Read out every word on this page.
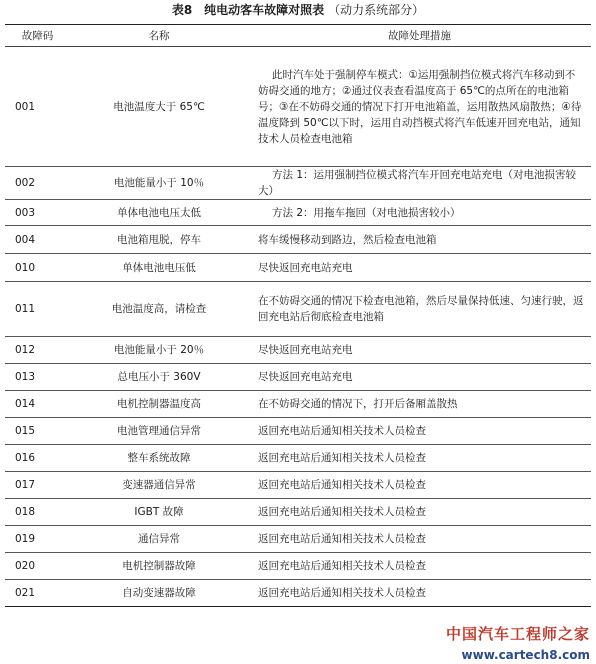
表8　纯电动客车故障对照表 （动力系统部分）
故障码	名称	故障处理措施
001	电池温度大于 65℃	此时汽车处于强制停车模式：①运用强制挡位模式将汽车移动到不妨碍交通的地方；②通过仪表查看温度高于 65℃的点所在的电池箱号；③在不妨碍交通的情况下打开电池箱盖，运用散热风扇散热；④待温度降到 50℃以下时，运用自动挡模式将汽车低速开回充电站，通知技术人员检查电池箱
002	电池能量小于 10％	方法 1：运用强制挡位模式将汽车开回充电站充电（对电池损害较大）
003	单体电池电压太低	方法 2：用拖车拖回（对电池损害较小）
004	电池箱甩脱，停车	将车缓慢移动到路边，然后检查电池箱
010	单体电池电压低	尽快返回充电站充电
011	电池温度高，请检查	在不妨碍交通的情况下检查电池箱，然后尽量保持低速、匀速行驶，返回充电站后彻底检查电池箱
012	电池能量小于 20％	尽快返回充电站充电
013	总电压小于 360V	尽快返回充电站充电
014	电机控制器温度高	在不妨碍交通的情况下，打开后备厢盖散热
015	电池管理通信异常	返回充电站后通知相关技术人员检查
016	整车系统故障	返回充电站后通知相关技术人员检查
017	变速器通信异常	返回充电站后通知相关技术人员检查
018	IGBT 故障	返回充电站后通知相关技术人员检查
019	通信异常	返回充电站后通知相关技术人员检查
020	电机控制器故障	返回充电站后通知相关技术人员检查
021	自动变速器故障	返回充电站后通知相关技术人员检查
中国汽车工程师之家
www.cartech8.com
